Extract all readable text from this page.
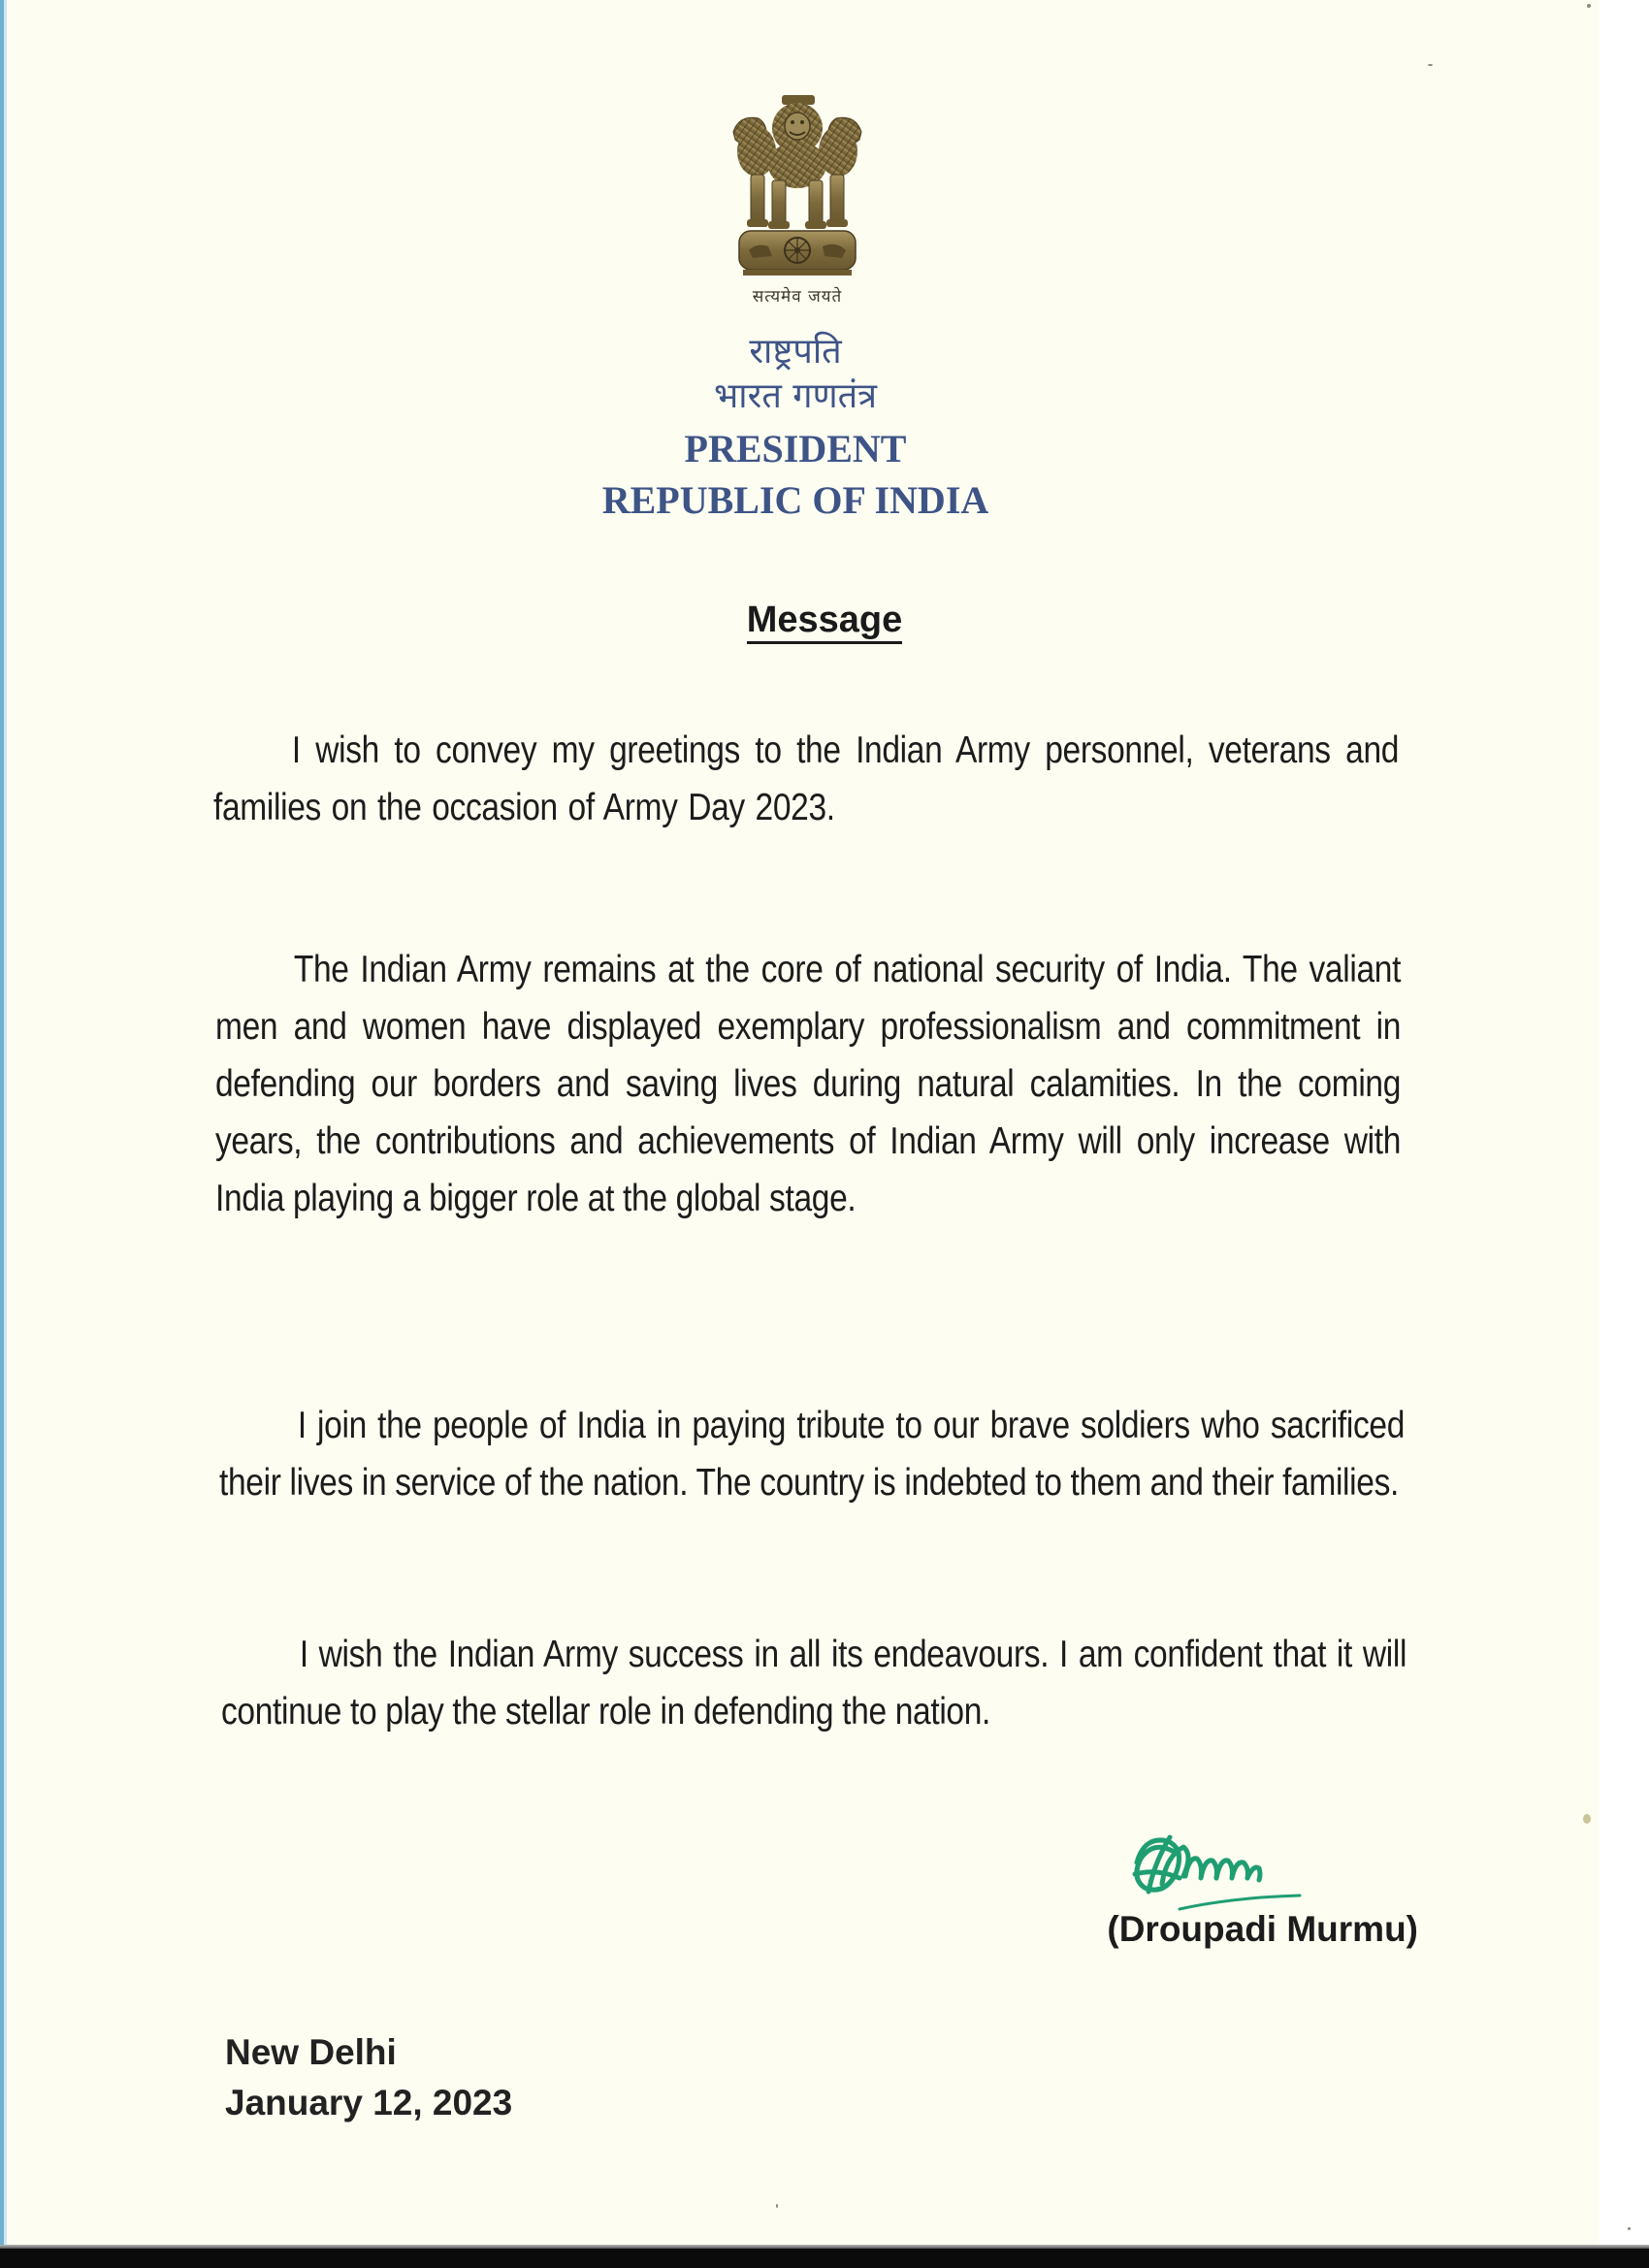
सत्यमेव जयते
राष्ट्रपति
भारत गणतंत्र
PRESIDENT
REPUBLIC OF INDIA
Message

I wish to convey my greetings to the Indian Army personnel, veterans and families on the occasion of Army Day 2023.

The Indian Army remains at the core of national security of India. The valiant men and women have displayed exemplary professionalism and commitment in defending our borders and saving lives during natural calamities. In the coming years, the contributions and achievements of Indian Army will only increase with India playing a bigger role at the global stage.

I join the people of India in paying tribute to our brave soldiers who sacrificed their lives in service of the nation. The country is indebted to them and their families.

I wish the Indian Army success in all its endeavours. I am confident that it will continue to play the stellar role in defending the nation.

(Droupadi Murmu)
New Delhi
January 12, 2023
